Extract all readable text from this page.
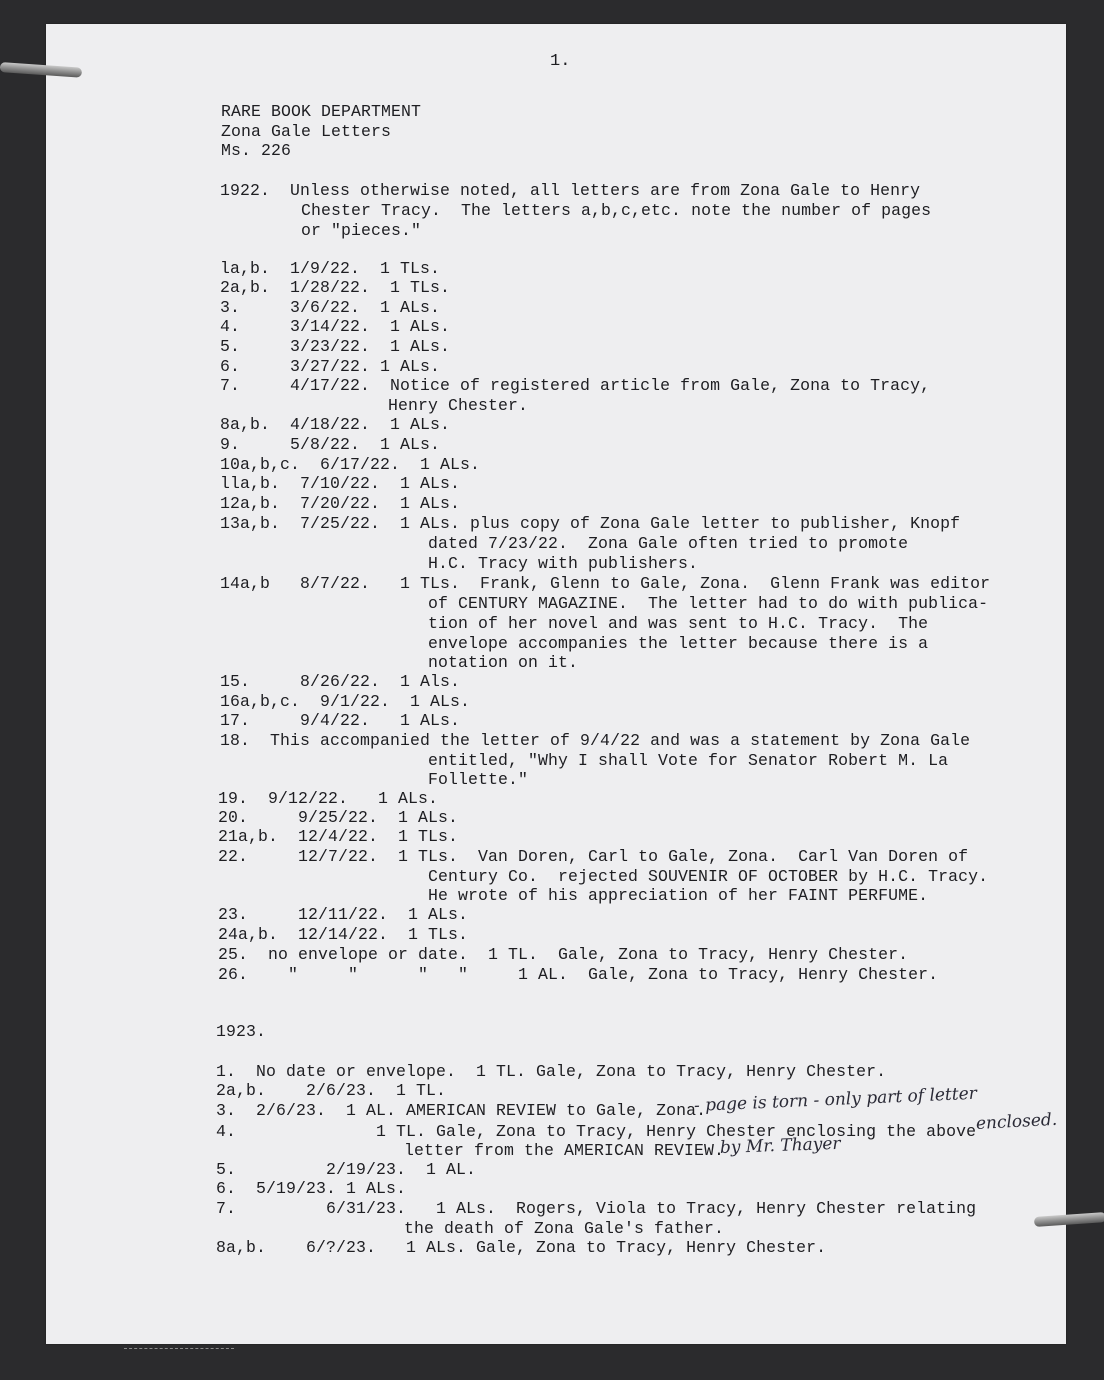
1.
RARE BOOK DEPARTMENT
Zona Gale Letters
Ms. 226
1922.  Unless otherwise noted, all letters are from Zona Gale to Henry
Chester Tracy.  The letters a,b,c,etc. note the number of pages
or "pieces."
la,b.  1/9/22.  1 TLs.
2a,b.  1/28/22.  1 TLs.
3.     3/6/22.  1 ALs.
4.     3/14/22.  1 ALs.
5.     3/23/22.  1 ALs.
6.     3/27/22. 1 ALs.
7.     4/17/22.  Notice of registered article from Gale, Zona to Tracy,
Henry Chester.
8a,b.  4/18/22.  1 ALs.
9.     5/8/22.  1 ALs.
10a,b,c.  6/17/22.  1 ALs.
lla,b.  7/10/22.  1 ALs.
12a,b.  7/20/22.  1 ALs.
13a,b.  7/25/22.  1 ALs. plus copy of Zona Gale letter to publisher, Knopf
dated 7/23/22.  Zona Gale often tried to promote
H.C. Tracy with publishers.
14a,b   8/7/22.   1 TLs.  Frank, Glenn to Gale, Zona.  Glenn Frank was editor
of CENTURY MAGAZINE.  The letter had to do with publica-
tion of her novel and was sent to H.C. Tracy.  The
envelope accompanies the letter because there is a
notation on it.
15.     8/26/22.  1 Als.
16a,b,c.  9/1/22.  1 ALs.
17.     9/4/22.   1 ALs.
18.  This accompanied the letter of 9/4/22 and was a statement by Zona Gale
entitled, "Why I shall Vote for Senator Robert M. La
Follette."
19.  9/12/22.   1 ALs.
20.     9/25/22.  1 ALs.
21a,b.  12/4/22.  1 TLs.
22.     12/7/22.  1 TLs.  Van Doren, Carl to Gale, Zona.  Carl Van Doren of
Century Co.  rejected SOUVENIR OF OCTOBER by H.C. Tracy.
He wrote of his appreciation of her FAINT PERFUME.
23.     12/11/22.  1 ALs.
24a,b.  12/14/22.  1 TLs.
25.  no envelope or date.  1 TL.  Gale, Zona to Tracy, Henry Chester.
26.    "     "      "   "     1 AL.  Gale, Zona to Tracy, Henry Chester.
1923.
1.  No date or envelope.  1 TL. Gale, Zona to Tracy, Henry Chester.
2a,b.    2/6/23.  1 TL.
3.  2/6/23.  1 AL. AMERICAN REVIEW to Gale, Zona.
4.              1 TL. Gale, Zona to Tracy, Henry Chester enclosing the above
letter from the AMERICAN REVIEW.
5.         2/19/23.  1 AL.
6.  5/19/23. 1 ALs.
7.         6/31/23.   1 ALs.  Rogers, Viola to Tracy, Henry Chester relating
the death of Zona Gale's father.
8a,b.    6/?/23.   1 ALs. Gale, Zona to Tracy, Henry Chester.
- page is torn - only part of letter
enclosed.
by Mr. Thayer
